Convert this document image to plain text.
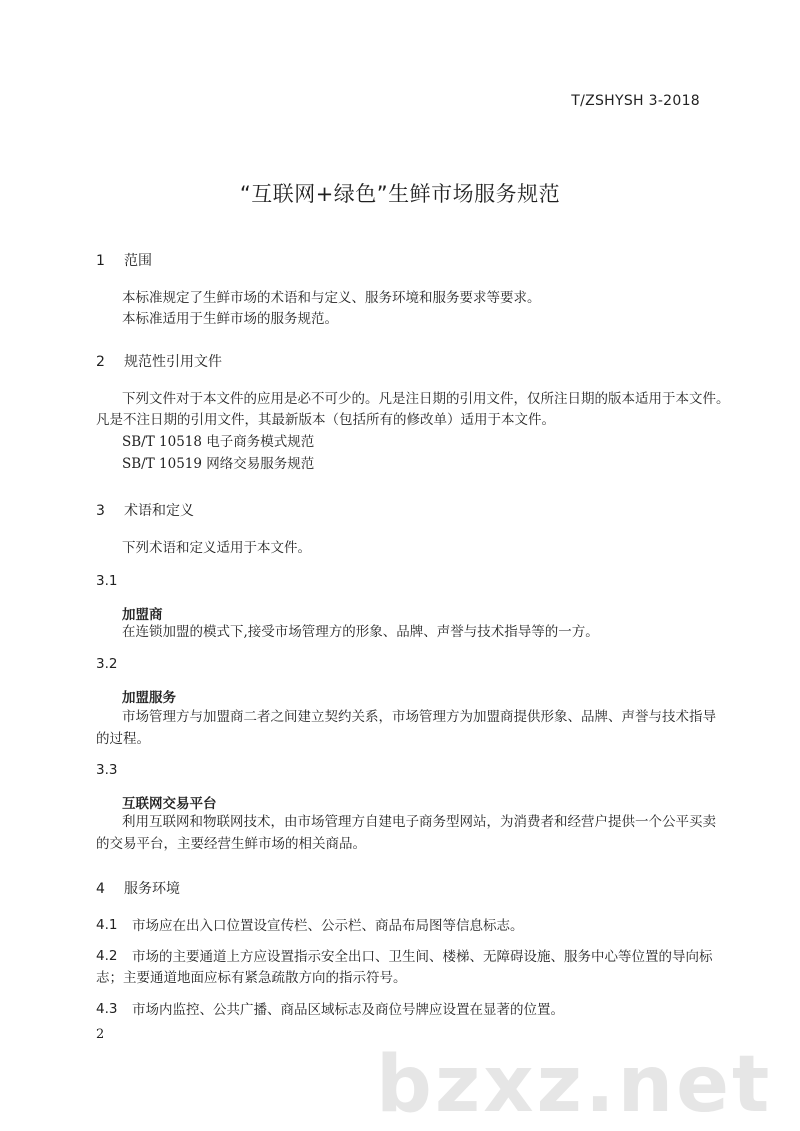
T/ZSHYSH 3-2018
“互联网+绿色”生鲜市场服务规范
1 范围
本标准规定了生鲜市场的术语和与定义、服务环境和服务要求等要求。
本标准适用于生鲜市场的服务规范。
2 规范性引用文件
下列文件对于本文件的应用是必不可少的。凡是注日期的引用文件，仅所注日期的版本适用于本文件。
凡是不注日期的引用文件，其最新版本（包括所有的修改单）适用于本文件。
SB/T 10518 电子商务模式规范
SB/T 10519 网络交易服务规范
3 术语和定义
下列术语和定义适用于本文件。
3.1
加盟商
在连锁加盟的模式下,接受市场管理方的形象、品牌、声誉与技术指导等的一方。
3.2
加盟服务
市场管理方与加盟商二者之间建立契约关系，市场管理方为加盟商提供形象、品牌、声誉与技术指导
的过程。
3.3
互联网交易平台
利用互联网和物联网技术，由市场管理方自建电子商务型网站，为消费者和经营户提供一个公平买卖
的交易平台，主要经营生鲜市场的相关商品。
4 服务环境
4.1 市场应在出入口位置设宣传栏、公示栏、商品布局图等信息标志。
4.2 市场的主要通道上方应设置指示安全出口、卫生间、楼梯、无障碍设施、服务中心等位置的导向标
志；主要通道地面应标有紧急疏散方向的指示符号。
4.3 市场内监控、公共广播、商品区域标志及商位号牌应设置在显著的位置。
bzxz.net
2
